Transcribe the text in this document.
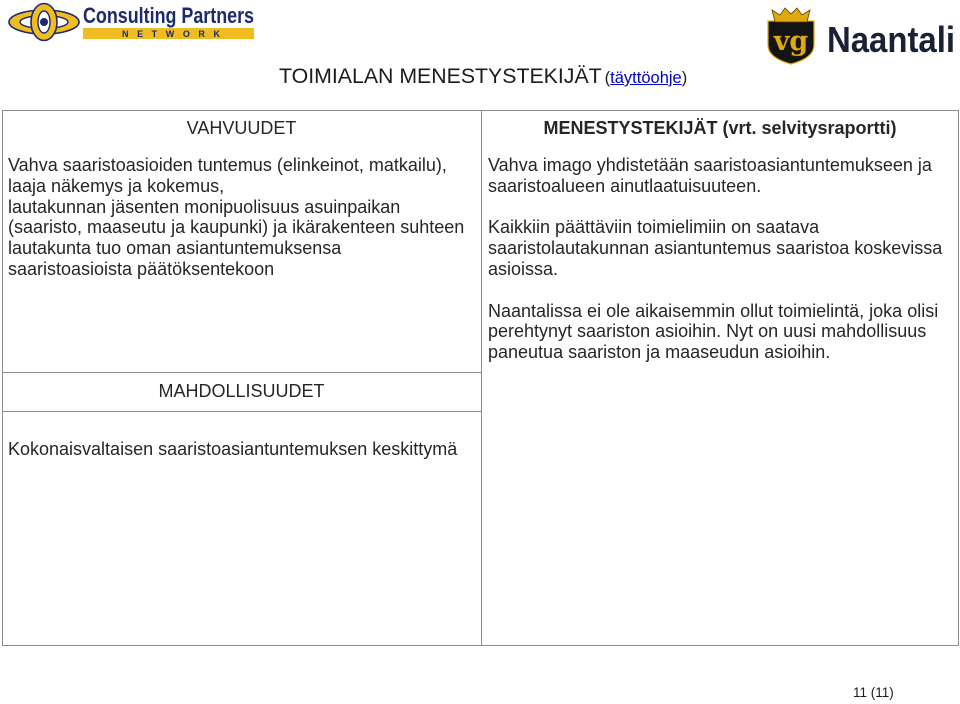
Consulting Partners
NETWORK	vg Naantali
TOIMIALAN MENESTYSTEKIJÄT (täyttöohje)
VAHVUUDET
Vahva saaristoasioiden tuntemus (elinkeinot, matkailu),
laaja näkemys ja kokemus,
lautakunnan jäsenten monipuolisuus asuinpaikan
(saaristo, maaseutu ja kaupunki) ja ikärakenteen suhteen
lautakunta tuo oman asiantuntemuksensa
saaristoasioista päätöksentekoon
MAHDOLLISUUDET
Kokonaisvaltaisen saaristoasiantuntemuksen keskittymä
MENESTYSTEKIJÄT (vrt. selvitysraportti)
Vahva imago yhdistetään saaristoasiantuntemukseen ja
saaristoalueen ainutlaatuisuuteen.
Kaikkiin päättäviin toimielimiin on saatava
saaristolautakunnan asiantuntemus saaristoa koskevissa
asioissa.
Naantalissa ei ole aikaisemmin ollut toimielintä, joka olisi
perehtynyt saariston asioihin. Nyt on uusi mahdollisuus
paneutua saariston ja maaseudun asioihin.
11 (11)
